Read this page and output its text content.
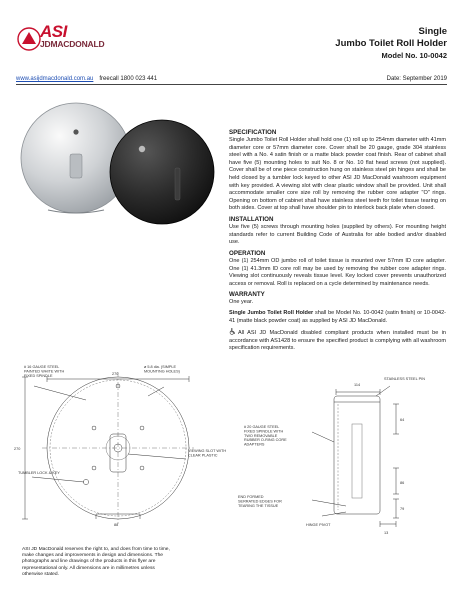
ASI
JDMACDONALD
Single
Jumbo Toilet Roll Holder
Model No. 10-0042
www.asijdmacdonald.com.au freecall 1800 023 441	Date: September 2019
SPECIFICATION

Single Jumbo Toilet Roll Holder shall hold one (1) roll up to 254mm diameter with 41mm diameter core or 57mm diameter core. Cover shall be 20 gauge, grade 304 stainless steel with a No. 4 satin finish or a matte black powder coat finish. Rear of cabinet shall have five (5) mounting holes to suit No. 8 or No. 10 flat head screws (not supplied). Cover shall be of one piece construction hung on stainless steel pin hinges and shall be held closed by a tumbler lock keyed to other ASI JD MacDonald washroom equipment with key provided. A viewing slot with clear plastic window shall be provided. Unit shall accommodate smaller core size roll by removing the rubber core adapter "O" rings. Opening on bottom of cabinet shall have stainless steel teeth for toilet tissue tearing on both sides. Cover at top shall have shoulder pin to interlock back plate when closed.

INSTALLATION

Use five (5) screws through mounting holes (supplied by others). For mounting height standards refer to current Building Code of Australia for able bodied and/or disabled use.

OPERATION

One (1) 254mm OD jumbo roll of toilet tissue is mounted over 57mm ID core adapter. One (1) 41.3mm ID core roll may be used by removing the rubber core adapter rings. Viewing slot continuously reveals tissue level. Key locked cover prevents unauthorized access or removal. Roll is replaced on a cycle determined by maintenance needs.

WARRANTY

One year.

Single Jumbo Toilet Roll Holder shall be Model No. 10-0042 (satin finish) or 10-0042-41 (matte black powder coat) as supplied by ASI JD MacDonald.

All ASI JD MacDonald disabled compliant products when installed must be in accordance with AS1428 to ensure the specified product is complying with all washroom specification requirements.

# 16 GAUGE STEEL PAINTED WHITE WITH FIXED SPINDLE
ø 5.8 dia. (SIMPLE MOUNTING HOLES)
270
270	VIEWING SLOT WITH CLEAR PLASTIC
TUMBLER LOCK & KEY
88
114
STAINLESS STEEL PIN
# 20 GAUGE STEEL FIXED SPINDLE WITH TWO REMOVABLE RUBBER O-RING CORE ADAPTERS
64
86
79
13
END FORMED SERRATED EDGES FOR TEARING THE TISSUE
HINGE PIVOT
ASI JD MacDonald reserves the right to, and does from time to time, make changes and improvements in design and dimensions. The photographs and line drawings of the products in this flyer are representational only. All dimensions are in millimetres unless otherwise stated.
